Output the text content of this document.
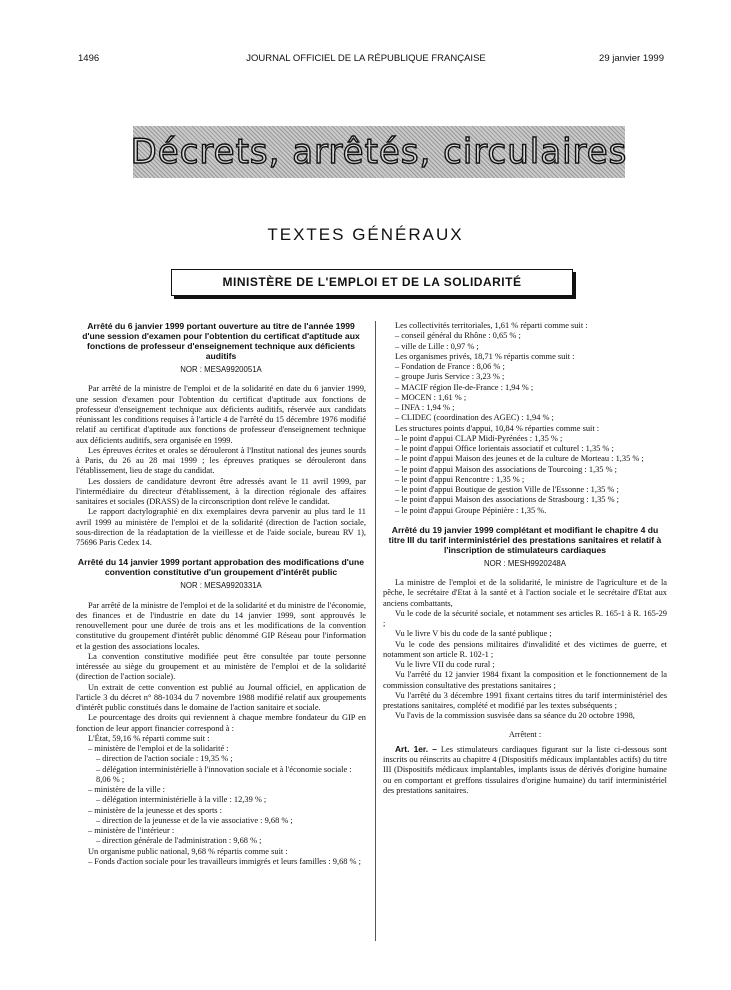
1496	JOURNAL OFFICIEL DE LA RÉPUBLIQUE FRANÇAISE	29 janvier 1999
Décrets, arrêtés, circulaires
TEXTES GÉNÉRAUX
MINISTÈRE DE L'EMPLOI ET DE LA SOLIDARITÉ
Arrêté du 6 janvier 1999 portant ouverture au titre de l'année 1999 d'une session d'examen pour l'obtention du certificat d'aptitude aux fonctions de professeur d'enseignement technique aux déficients auditifs
NOR : MESA9920051A

Par arrêté de la ministre de l'emploi et de la solidarité en date du 6 janvier 1999, une session d'examen pour l'obtention du certificat d'aptitude aux fonctions de professeur d'enseignement technique aux déficients auditifs, réservée aux candidats réunissant les conditions requises à l'article 4 de l'arrêté du 15 décembre 1976 modifié relatif au certificat d'aptitude aux fonctions de professeur d'enseignement technique aux déficients auditifs, sera organisée en 1999.

Les épreuves écrites et orales se dérouleront à l'Institut national des jeunes sourds à Paris, du 26 au 28 mai 1999 ; les épreuves pratiques se dérouleront dans l'établissement, lieu de stage du candidat.

Les dossiers de candidature devront être adressés avant le 11 avril 1999, par l'intermédiaire du directeur d'établissement, à la direction régionale des affaires sanitaires et sociales (DRASS) de la circonscription dont relève le candidat.

Le rapport dactylographié en dix exemplaires devra parvenir au plus tard le 11 avril 1999 au ministère de l'emploi et de la solidarité (direction de l'action sociale, sous-direction de la réadaptation de la vieillesse et de l'aide sociale, bureau RV 1), 75696 Paris Cedex 14.

Arrêté du 14 janvier 1999 portant approbation des modifications d'une convention constitutive d'un groupement d'intérêt public
NOR : MESA9920331A

Par arrêté de la ministre de l'emploi et de la solidarité et du ministre de l'économie, des finances et de l'industrie en date du 14 janvier 1999, sont approuvés le renouvellement pour une durée de trois ans et les modifications de la convention constitutive du groupement d'intérêt public dénommé GIP Réseau pour l'information et la gestion des associations locales.

La convention constitutive modifiée peut être consultée par toute personne intéressée au siège du groupement et au ministère de l'emploi et de la solidarité (direction de l'action sociale).

Un extrait de cette convention est publié au Journal officiel, en application de l'article 3 du décret n° 88-1034 du 7 novembre 1988 modifié relatif aux groupements d'intérêt public constitués dans le domaine de l'action sanitaire et sociale.

Le pourcentage des droits qui reviennent à chaque membre fondateur du GIP en fonction de leur apport financier correspond à :

L'État, 59,16 % réparti comme suit :
– ministère de l'emploi et de la solidarité :
– direction de l'action sociale : 19,35 % ;
– délégation interministérielle à l'innovation sociale et à l'économie sociale : 8,06 % ;
– ministère de la ville :
– délégation interministérielle à la ville : 12,39 % ;
– ministère de la jeunesse et des sports :
– direction de la jeunesse et de la vie associative : 9,68 % ;
– ministère de l'intérieur :
– direction générale de l'administration : 9,68 % ;
Un organisme public national, 9,68 % répartis comme suit :
– Fonds d'action sociale pour les travailleurs immigrés et leurs familles : 9,68 % ;
Les collectivités territoriales, 1,61 % réparti comme suit :
– conseil général du Rhône : 0,65 % ;
– ville de Lille : 0,97 % ;
Les organismes privés, 18,71 % répartis comme suit :
– Fondation de France : 8,06 % ;
– groupe Juris Service : 3,23 % ;
– MACIF région Ile-de-France : 1,94 % ;
– MOCEN : 1,61 % ;
– INFA : 1,94 % ;
– CLIDEC (coordination des AGEC) : 1,94 % ;
Les structures points d'appui, 10,84 % réparties comme suit :
– le point d'appui CLAP Midi-Pyrénées : 1,35 % ;
– le point d'appui Office lorientais associatif et culturel : 1,35 % ;
– le point d'appui Maison des jeunes et de la culture de Morteau : 1,35 % ;
– le point d'appui Maison des associations de Tourcoing : 1,35 % ;
– le point d'appui Rencontre : 1,35 % ;
– le point d'appui Boutique de gestion Ville de l'Essonne : 1,35 % ;
– le point d'appui Maison des associations de Strasbourg : 1,35 % ;
– le point d'appui Groupe Pépinière : 1,35 %.
Arrêté du 19 janvier 1999 complétant et modifiant le chapitre 4 du titre III du tarif interministériel des prestations sanitaires et relatif à l'inscription de stimulateurs cardiaques
NOR : MESH9920248A

La ministre de l'emploi et de la solidarité, le ministre de l'agriculture et de la pêche, le secrétaire d'Etat à la santé et à l'action sociale et le secrétaire d'Etat aux anciens combattants,

Vu le code de la sécurité sociale, et notamment ses articles R. 165-1 à R. 165-29 ;

Vu le livre V bis du code de la santé publique ;

Vu le code des pensions militaires d'invalidité et des victimes de guerre, et notamment son article R. 102-1 ;

Vu le livre VII du code rural ;

Vu l'arrêté du 12 janvier 1984 fixant la composition et le fonctionnement de la commission consultative des prestations sanitaires ;

Vu l'arrêté du 3 décembre 1991 fixant certains titres du tarif interministériel des prestations sanitaires, complété et modifié par les textes subséquents ;

Vu l'avis de la commission susvisée dans sa séance du 20 octobre 1998,

Arrêtent :

Art. 1er. – Les stimulateurs cardiaques figurant sur la liste ci-dessous sont inscrits ou réinscrits au chapitre 4 (Dispositifs médicaux implantables actifs) du titre III (Dispositifs médicaux implantables, implants issus de dérivés d'origine humaine ou en comportant et greffons tissulaires d'origine humaine) du tarif interministériel des prestations sanitaires.
